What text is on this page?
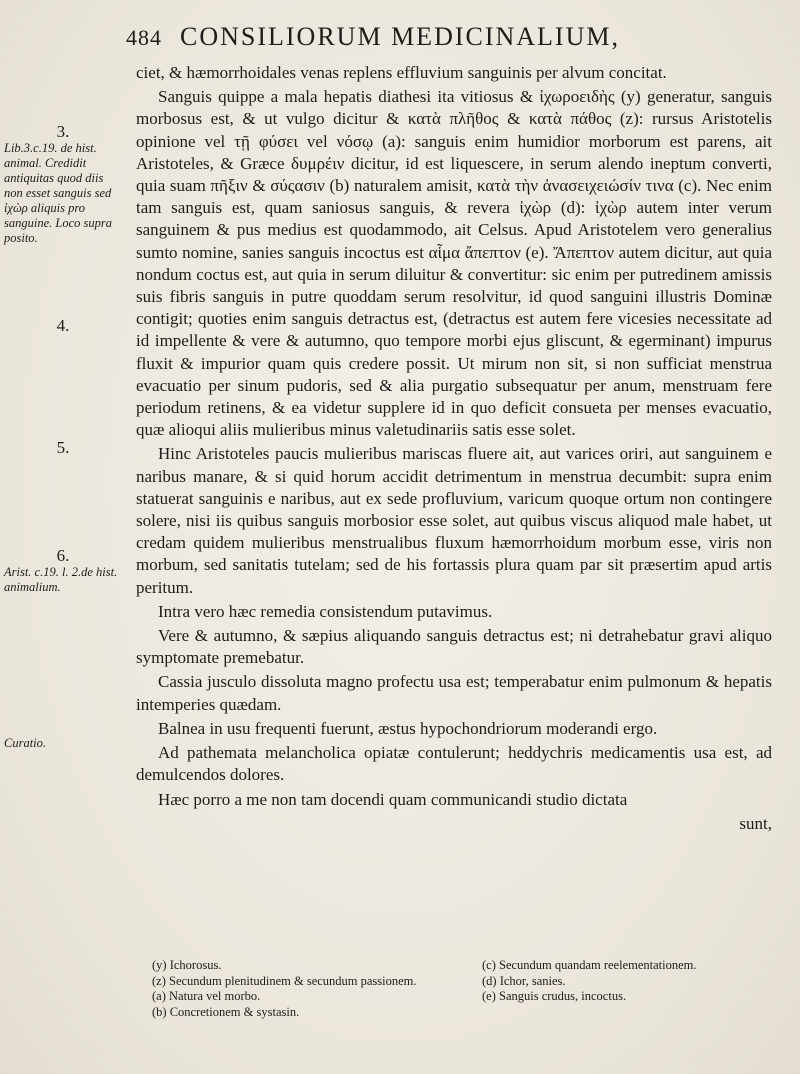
484 CONSILIORUM MEDICINALIUM,
3.
Lib.3.c.19. de hist. animal. Credidit antiquitas quod diis non esset sanguis sed ἰχὼρ aliquis pro sanguine. Loco supra posito.
4.
5.
6.
Arist. c.19. l. 2.de hist. animalium.
Curatio.

ciet, & hæmorrhoidales venas replens effluvium sanguinis per alvum concitat.

Sanguis quippe a mala hepatis diathesi ita vitiosus & ἰχωροειδὴς (y) generatur, sanguis morbosus est, & ut vulgo dicitur & κατὰ πλῆθος & κατὰ πάθος (z): rursus Aristotelis opinione vel τῇ φύσει vel νόσῳ (a): sanguis enim humidior morborum est parens, ait Aristoteles, & Græce δυμρέιν dicitur, id est liquescere, in serum alendo ineptum converti, quia suam πῆξιν & σύςασιν (b) naturalem amisit, κατὰ τὴν ἀνασειχειώσίν τινα (c). Nec enim tam sanguis est, quam saniosus sanguis, & revera ἰχὼρ (d): ἰχὼρ autem inter verum sanguinem & pus medius est quodammodo, ait Celsus. Apud Aristotelem vero generalius sumto nomine, sanies sanguis incoctus est αἷμα ἄπεπτον (e). Ἄπεπτον autem dicitur, aut quia nondum coctus est, aut quia in serum diluitur & convertitur: sic enim per putredinem amissis suis fibris sanguis in putre quoddam serum resolvitur, id quod sanguini illustris Dominæ contigit; quoties enim sanguis detractus est, (detractus est autem fere vicesies necessitate ad id impellente & vere & autumno, quo tempore morbi ejus gliscunt, & egerminant) impurus fluxit & impurior quam quis credere possit. Ut mirum non sit, si non sufficiat menstrua evacuatio per sinum pudoris, sed & alia purgatio subsequatur per anum, menstruam fere periodum retinens, & ea videtur supplere id in quo deficit consueta per menses evacuatio, quæ alioqui aliis mulieribus minus valetudinariis satis esse solet.

Hinc Aristoteles paucis mulieribus mariscas fluere ait, aut varices oriri, aut sanguinem e naribus manare, & si quid horum accidit detrimentum in menstrua decumbit: supra enim statuerat sanguinis e naribus, aut ex sede profluvium, varicum quoque ortum non contingere solere, nisi iis quibus sanguis morbosior esse solet, aut quibus viscus aliquod male habet, ut credam quidem mulieribus menstrualibus fluxum hæmorrhoidum morbum esse, viris non morbum, sed sanitatis tutelam; sed de his fortassis plura quam par sit præsertim apud artis peritum.

Intra vero hæc remedia consistendum putavimus.

Vere & autumno, & sæpius aliquando sanguis detractus est; ni detrahebatur gravi aliquo symptomate premebatur.

Cassia jusculo dissoluta magno profectu usa est; temperabatur enim pulmonum & hepatis intemperies quædam.

Balnea in usu frequenti fuerunt, æstus hypochondriorum moderandi ergo.

Ad pathemata melancholica opiatæ contulerunt; heddychris medicamentis usa est, ad demulcendos dolores.

Hæc porro a me non tam docendi quam communicandi studio dictata

sunt,

(y) Ichorosus.
(z) Secundum plenitudinem & secundum passionem.
(a) Natura vel morbo.
(b) Concretionem & systasin.
(c) Secundum quandam reelementationem.
(d) Ichor, sanies.
(e) Sanguis crudus, incoctus.
